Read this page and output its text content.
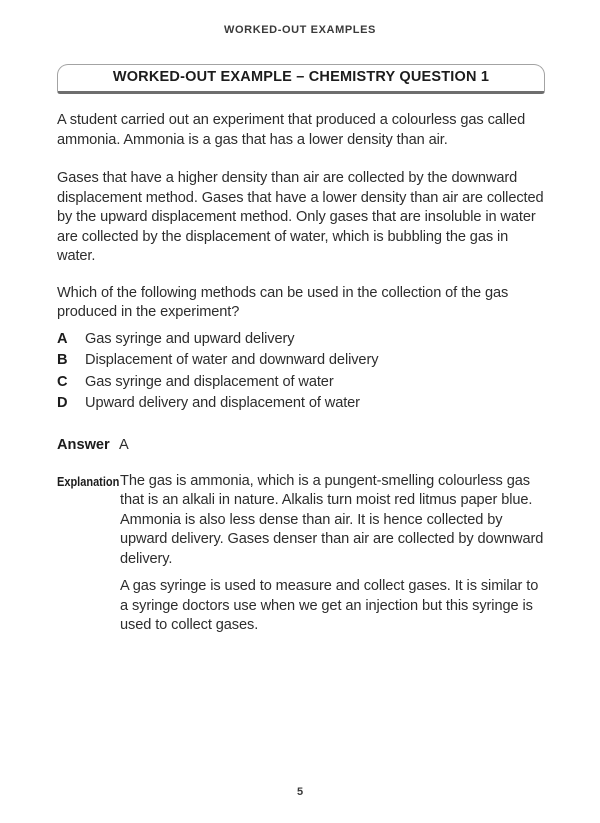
WORKED-OUT EXAMPLES
WORKED-OUT EXAMPLE – CHEMISTRY QUESTION 1

A student carried out an experiment that produced a colourless gas called ammonia. Ammonia is a gas that has a lower density than air.

Gases that have a higher density than air are collected by the downward displacement method. Gases that have a lower density than air are collected by the upward displacement method. Only gases that are insoluble in water are collected by the displacement of water, which is bubbling the gas in water.

Which of the following methods can be used in the collection of the gas produced in the experiment?

A	Gas syringe and upward delivery
B	Displacement of water and downward delivery
C	Gas syringe and displacement of water
D	Upward delivery and displacement of water
Answer A
Explanation The gas is ammonia, which is a pungent-smelling colourless gas that is an alkali in nature. Alkalis turn moist red litmus paper blue. Ammonia is also less dense than air. It is hence collected by upward delivery. Gases denser than air are collected by downward delivery.

A gas syringe is used to measure and collect gases. It is similar to a syringe doctors use when we get an injection but this syringe is used to collect gases.

5
